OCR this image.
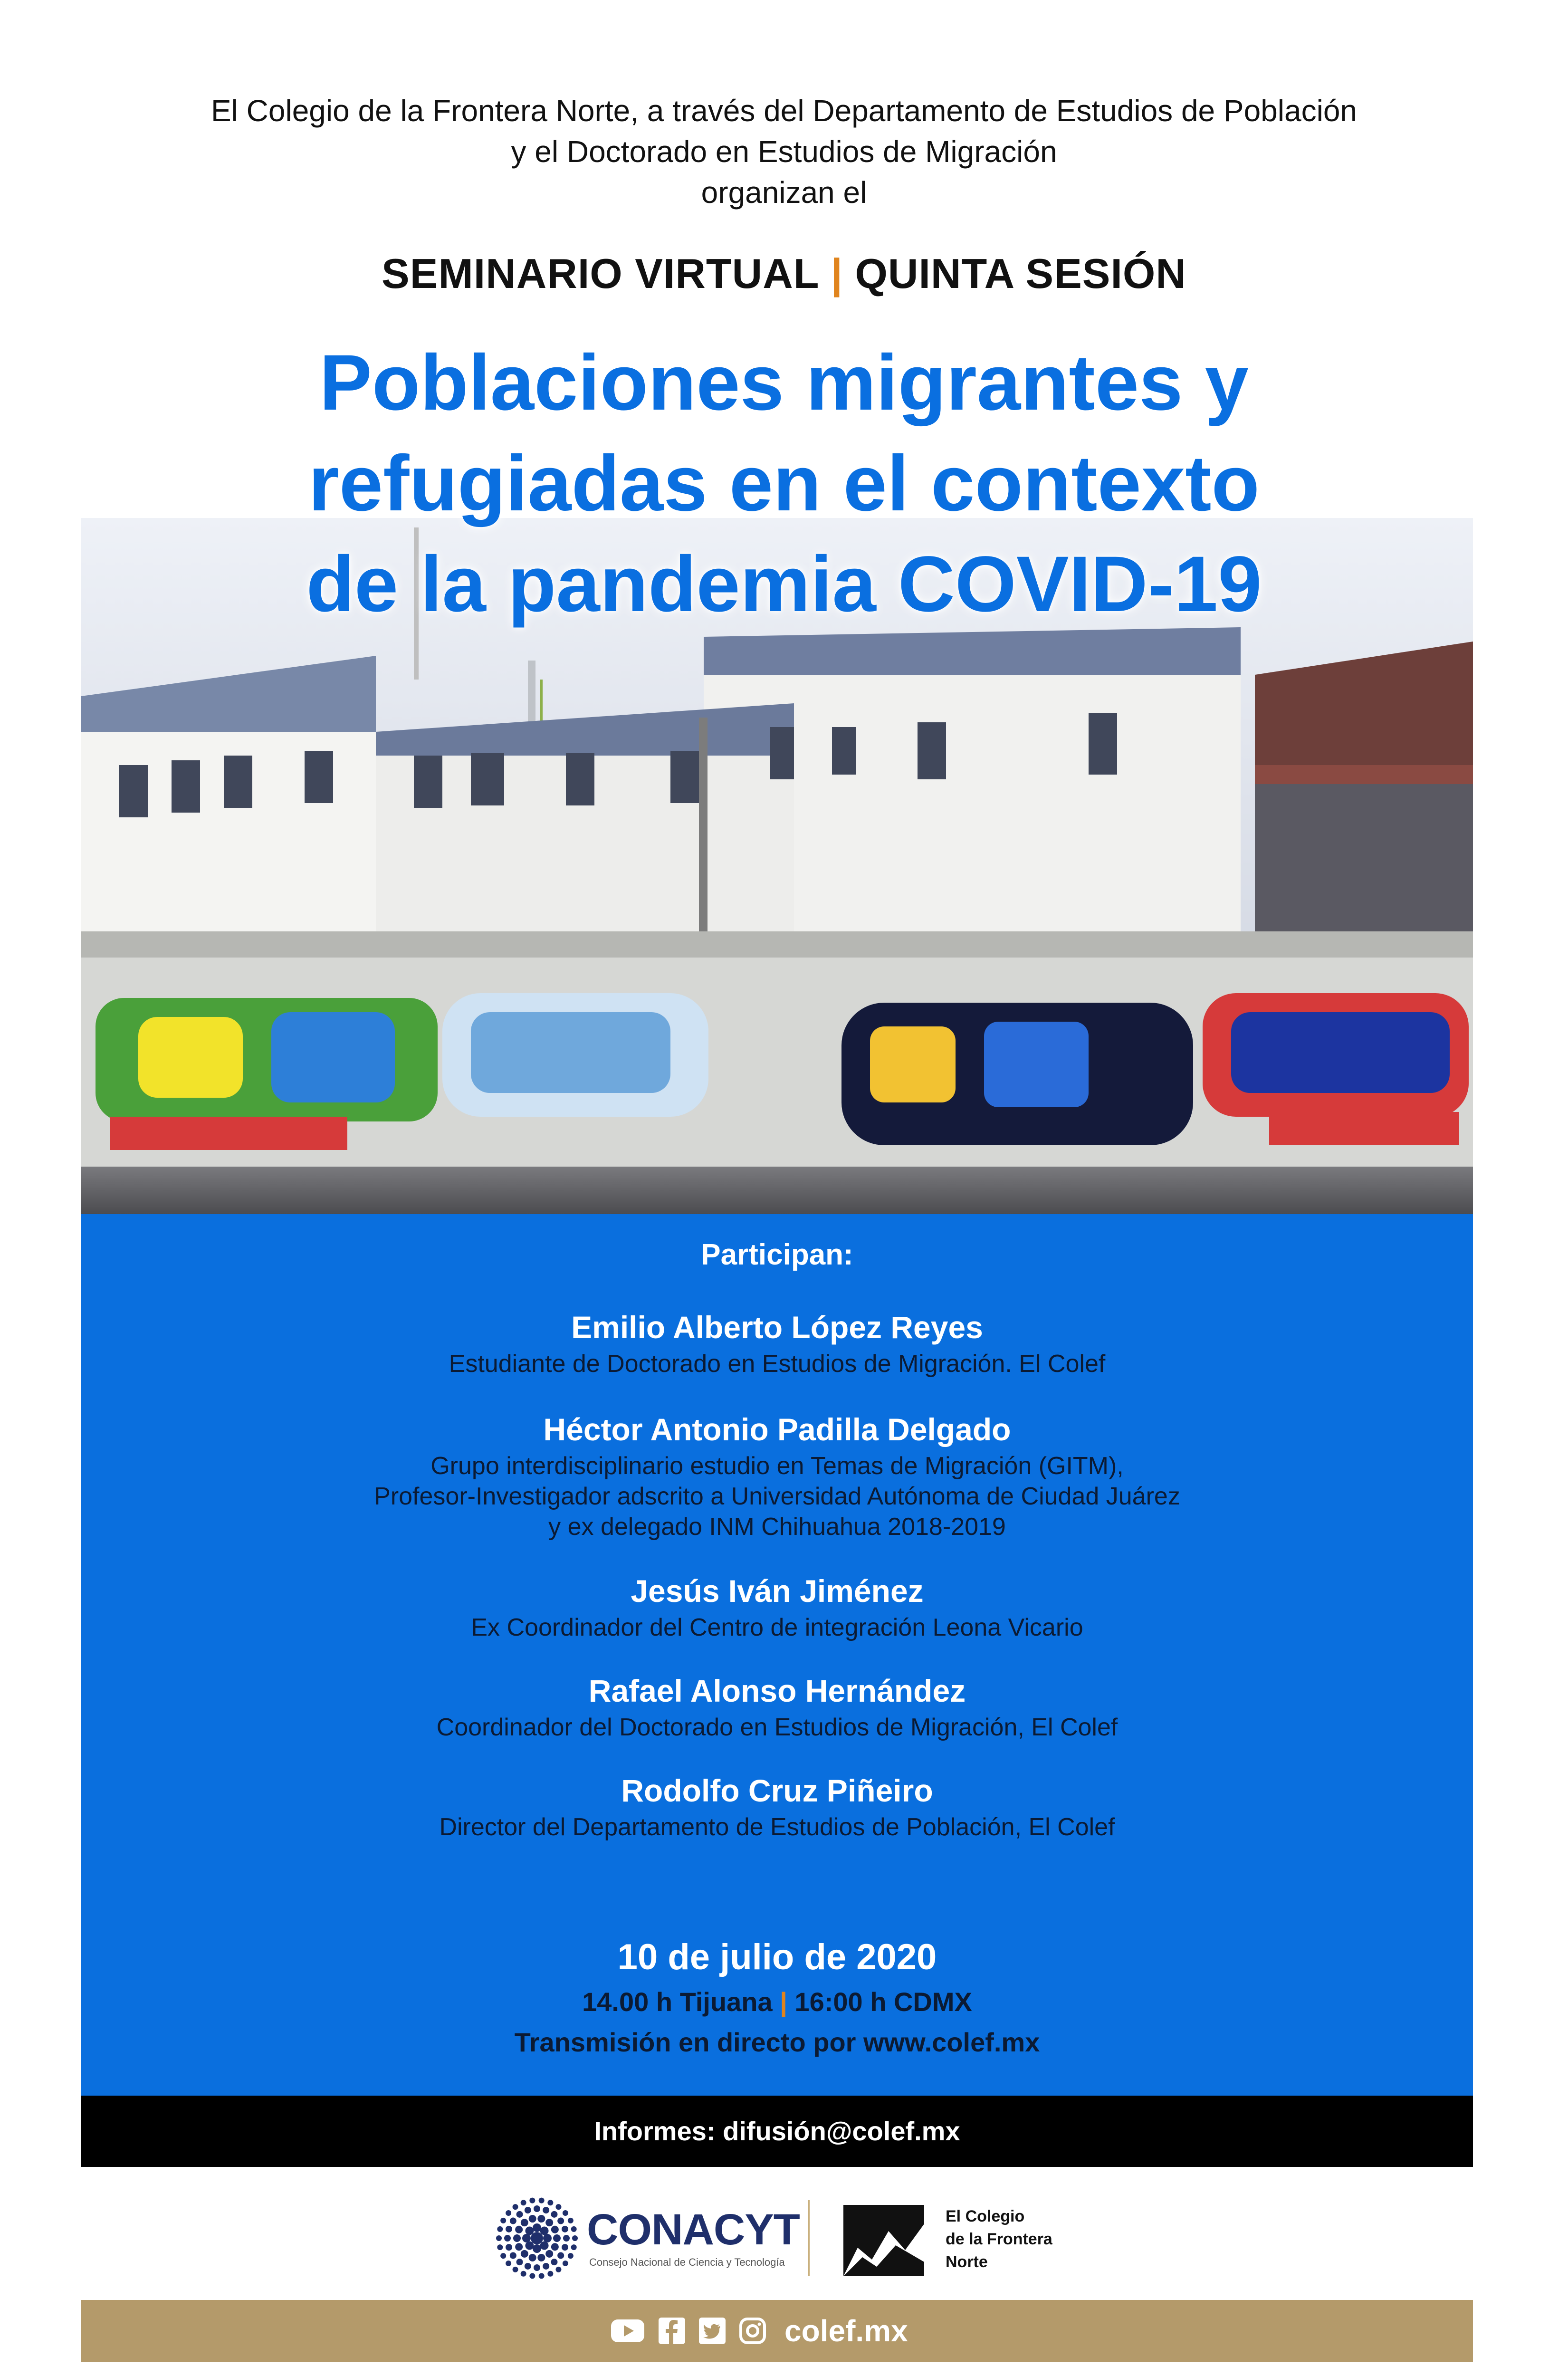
El Colegio de la Frontera Norte, a través del Departamento de Estudios de Población
y el Doctorado en Estudios de Migración
organizan el
SEMINARIO VIRTUAL | QUINTA SESIÓN
Poblaciones migrantes y
refugiadas en el contexto
de la pandemia COVID-19
Participan:
Emilio Alberto López Reyes
Estudiante de Doctorado en Estudios de Migración. El Colef
Héctor Antonio Padilla Delgado
Grupo interdisciplinario estudio en Temas de Migración (GITM),
Profesor-Investigador adscrito a Universidad Autónoma de Ciudad Juárez
y ex delegado INM Chihuahua 2018-2019
Jesús Iván Jiménez
Ex Coordinador del Centro de integración Leona Vicario
Rafael Alonso Hernández
Coordinador del Doctorado en Estudios de Migración, El Colef
Rodolfo Cruz Piñeiro
Director del Departamento de Estudios de Población, El Colef
10 de julio de 2020
14.00 h Tijuana | 16:00 h CDMX
Transmisión en directo por www.colef.mx
Informes: difusión@colef.mx
CONACYT
Consejo Nacional de Ciencia y Tecnología
El Colegio
de la Frontera
Norte
colef.mx
